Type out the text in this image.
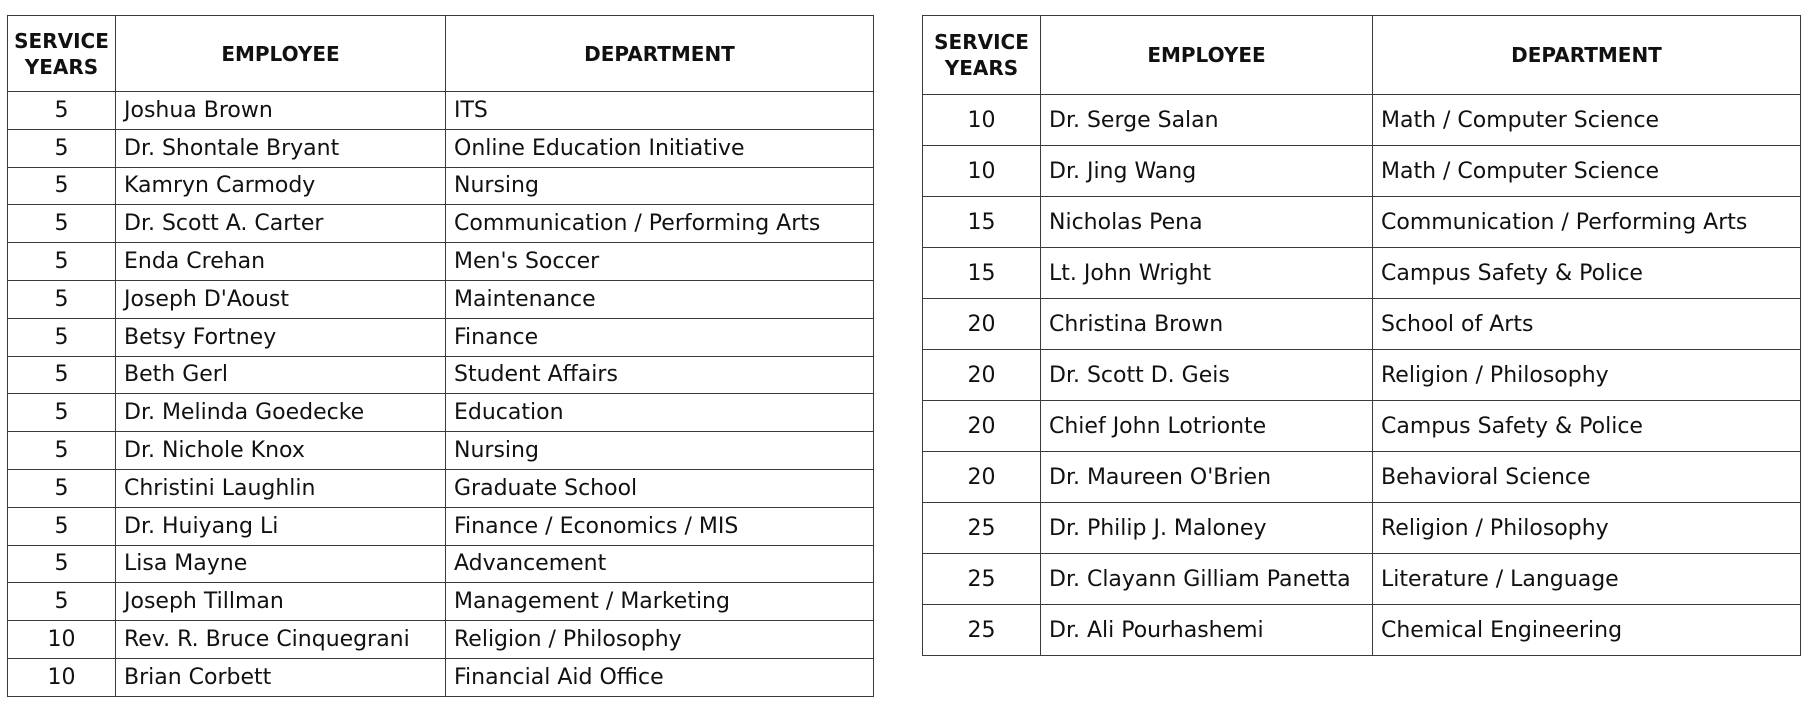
SERVICE
YEARS	EMPLOYEE	DEPARTMENT
5	Joshua Brown	ITS
5	Dr. Shontale Bryant	Online Education Initiative
5	Kamryn Carmody	Nursing
5	Dr. Scott A. Carter	Communication / Performing Arts
5	Enda Crehan	Men's Soccer
5	Joseph D'Aoust	Maintenance
5	Betsy Fortney	Finance
5	Beth Gerl	Student Affairs
5	Dr. Melinda Goedecke	Education
5	Dr. Nichole Knox	Nursing
5	Christini Laughlin	Graduate School
5	Dr. Huiyang Li	Finance / Economics / MIS
5	Lisa Mayne	Advancement
5	Joseph Tillman	Management / Marketing
10	Rev. R. Bruce Cinquegrani	Religion / Philosophy
10	Brian Corbett	Financial Aid Office
SERVICE
YEARS	EMPLOYEE	DEPARTMENT
10	Dr. Serge Salan	Math / Computer Science
10	Dr. Jing Wang	Math / Computer Science
15	Nicholas Pena	Communication / Performing Arts
15	Lt. John Wright	Campus Safety & Police
20	Christina Brown	School of Arts
20	Dr. Scott D. Geis	Religion / Philosophy
20	Chief John Lotrionte	Campus Safety & Police
20	Dr. Maureen O'Brien	Behavioral Science
25	Dr. Philip J. Maloney	Religion / Philosophy
25	Dr. Clayann Gilliam Panetta	Literature / Language
25	Dr. Ali Pourhashemi	Chemical Engineering
